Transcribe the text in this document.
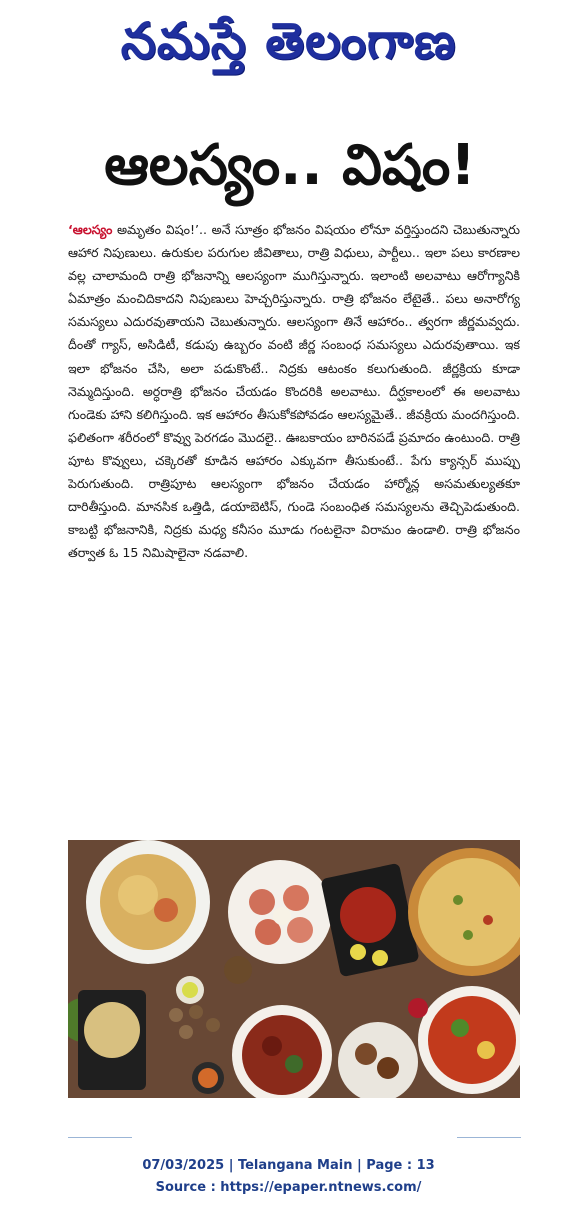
నమస్తే తెలంగాణ
ఆలస్యం.. విషం!

‘ఆలస్యం అమృతం విషం!’.. అనే సూత్రం భోజనం విషయం లోనూ వర్తిస్తుందని చెబుతున్నారు ఆహార నిపుణులు. ఉరుకుల పరుగుల జీవితాలు, రాత్రి విధులు, పార్టీలు.. ఇలా పలు కారణాల వల్ల చాలామంది రాత్రి భోజనాన్ని ఆలస్యంగా ముగిస్తున్నారు. ఇలాంటి అలవాటు ఆరోగ్యానికి ఏమాత్రం మంచిదికాదని నిపుణులు హెచ్చరిస్తున్నారు. రాత్రి భోజనం లేటైతే.. పలు అనారోగ్య సమస్యలు ఎదురవుతాయని చెబుతున్నారు. ఆలస్యంగా తినే ఆహారం.. త్వరగా జీర్ణమవ్వదు. దీంతో గ్యాస్, అసిడిటీ, కడుపు ఉబ్బరం వంటి జీర్ణ సంబంధ సమస్యలు ఎదురవుతాయి. ఇక ఇలా భోజనం చేసి, అలా పడుకొంటే.. నిద్రకు ఆటంకం కలుగుతుంది. జీర్ణక్రియ కూడా నెమ్మదిస్తుంది. అర్ధరాత్రి భోజనం చేయడం కొందరికి అలవాటు. దీర్ఘకాలంలో ఈ అలవాటు గుండెకు హాని కలిగిస్తుంది. ఇక ఆహారం తీసుకోకపోవడం ఆలస్యమైతే.. జీవక్రియ మందగిస్తుంది. ఫలితంగా శరీరంలో కొవ్వు పెరగడం మొదలై.. ఊబకాయం బారినపడే ప్రమాదం ఉంటుంది. రాత్రి పూట కొవ్వులు, చక్కెరతో కూడిన ఆహారం ఎక్కువగా తీసుకుంటే.. పేగు క్యాన్సర్ ముప్పు పెరుగుతుంది. రాత్రిపూట ఆలస్యంగా భోజనం చేయడం హార్మోన్ల అసమతుల్యతకూ దారితీస్తుంది. మానసిక ఒత్తిడి, డయాబెటిస్, గుండె సంబంధిత సమస్యలను తెచ్చిపెడుతుంది. కాబట్టి భోజనానికి, నిద్రకు మధ్య కనీసం మూడు గంటలైనా విరామం ఉండాలి. రాత్రి భోజనం తర్వాత ఓ 15 నిమిషాలైనా నడవాలి.

07/03/2025 | Telangana Main | Page : 13
Source : https://epaper.ntnews.com/
